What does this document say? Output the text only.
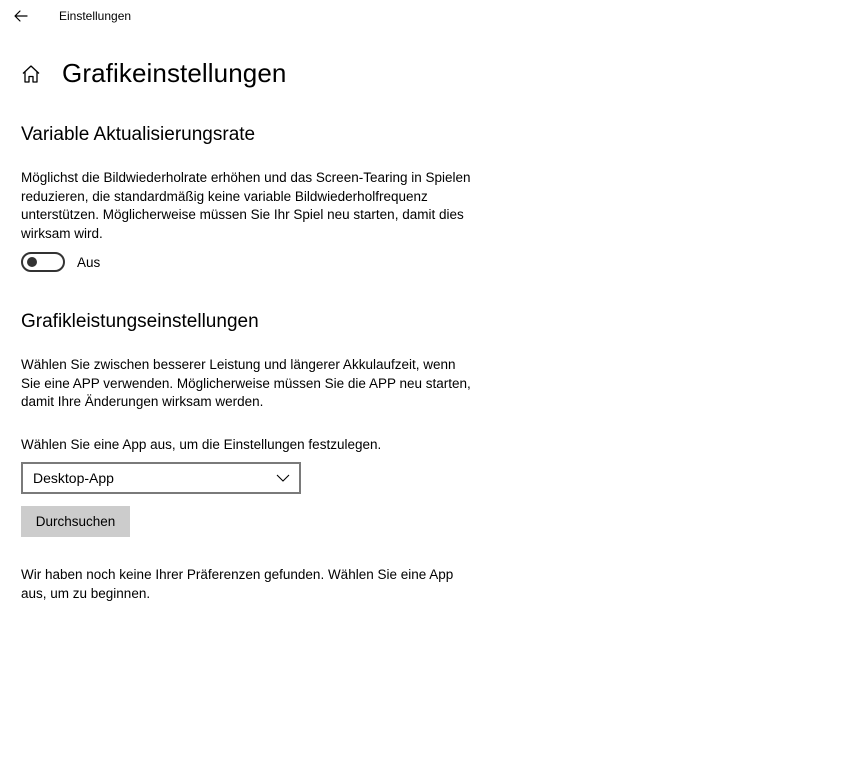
Einstellungen
Grafikeinstellungen
Variable Aktualisierungsrate
Möglichst die Bildwiederholrate erhöhen und das Screen-Tearing in Spielen reduzieren, die standardmäßig keine variable Bildwiederholfrequenz unterstützen. Möglicherweise müssen Sie Ihr Spiel neu starten, damit dies wirksam wird.
Aus
Grafikleistungseinstellungen
Wählen Sie zwischen besserer Leistung und längerer Akkulaufzeit, wenn Sie eine APP verwenden. Möglicherweise müssen Sie die APP neu starten, damit Ihre Änderungen wirksam werden.
Wählen Sie eine App aus, um die Einstellungen festzulegen.
Desktop-App
Durchsuchen
Wir haben noch keine Ihrer Präferenzen gefunden. Wählen Sie eine App aus, um zu beginnen.
